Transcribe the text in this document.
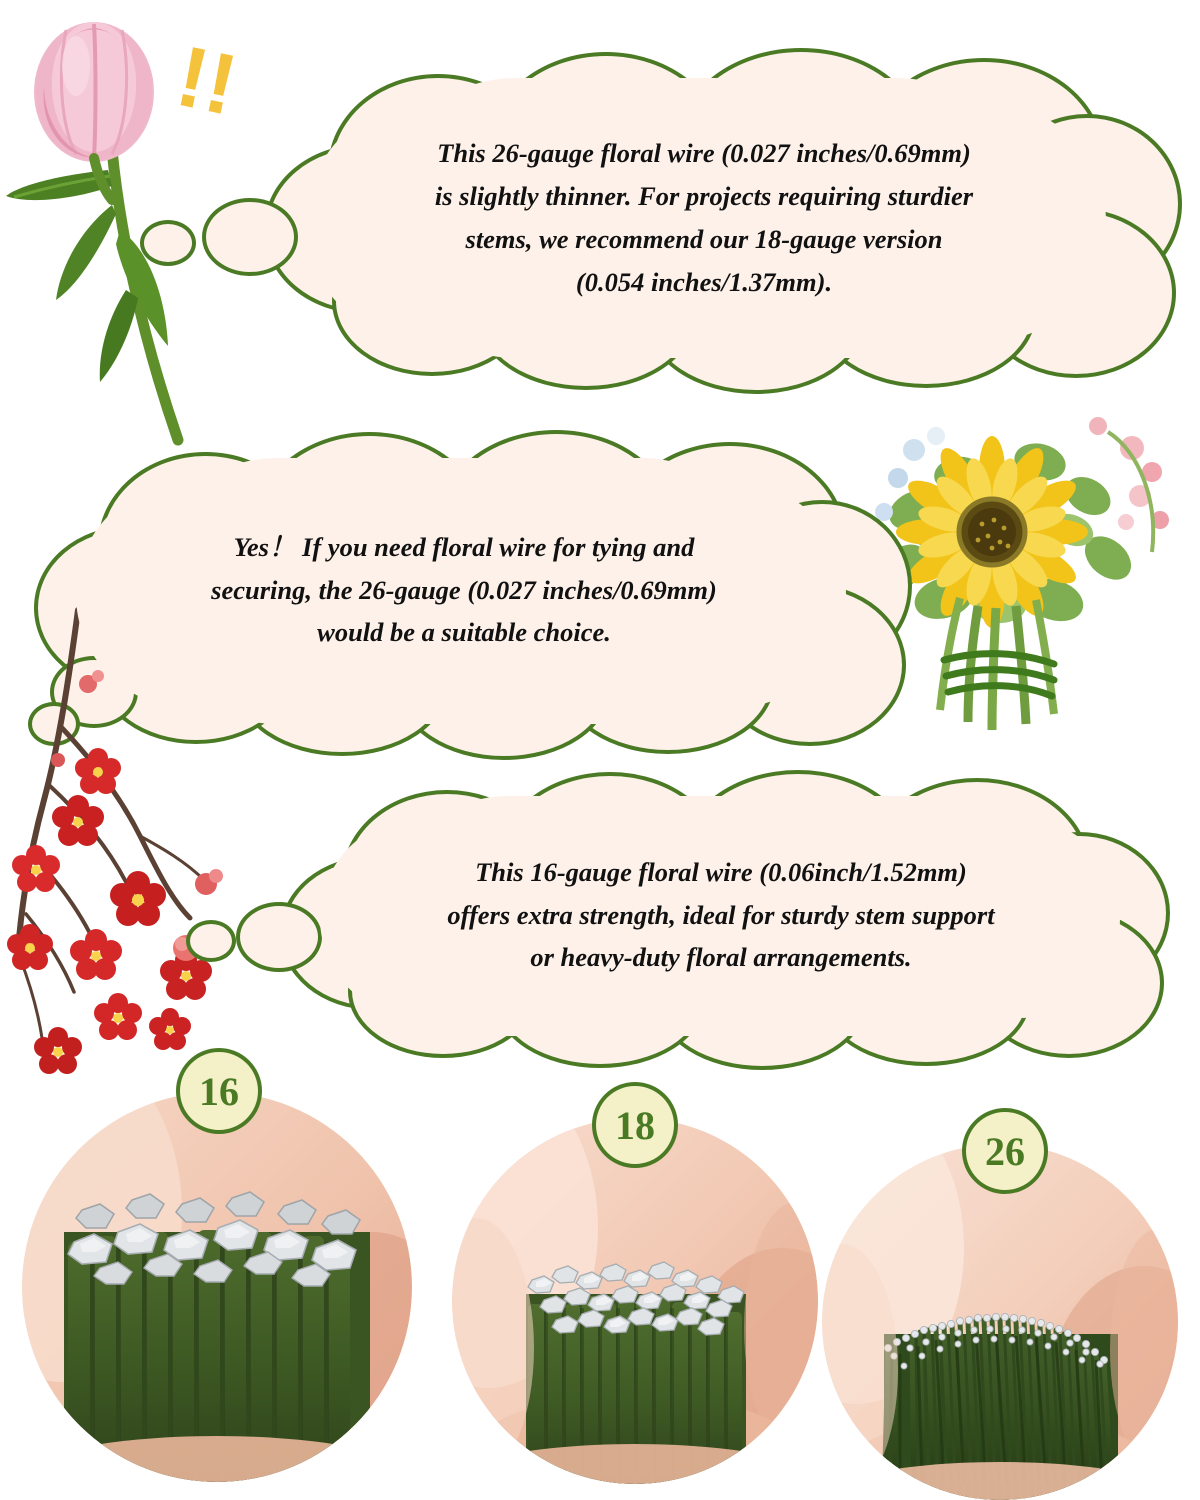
!!
This 26-gauge floral wire (0.027 inches/0.69mm)
is slightly thinner. For projects requiring sturdier
stems, we recommend our 18-gauge version
(0.054 inches/1.37mm).
Yes！ If you need floral wire for tying and
securing, the 26-gauge (0.027 inches/0.69mm)
would be a suitable choice.
This 16-gauge floral wire (0.06inch/1.52mm)
offers extra strength, ideal for sturdy stem support
or heavy-duty floral arrangements.
16
18
26
